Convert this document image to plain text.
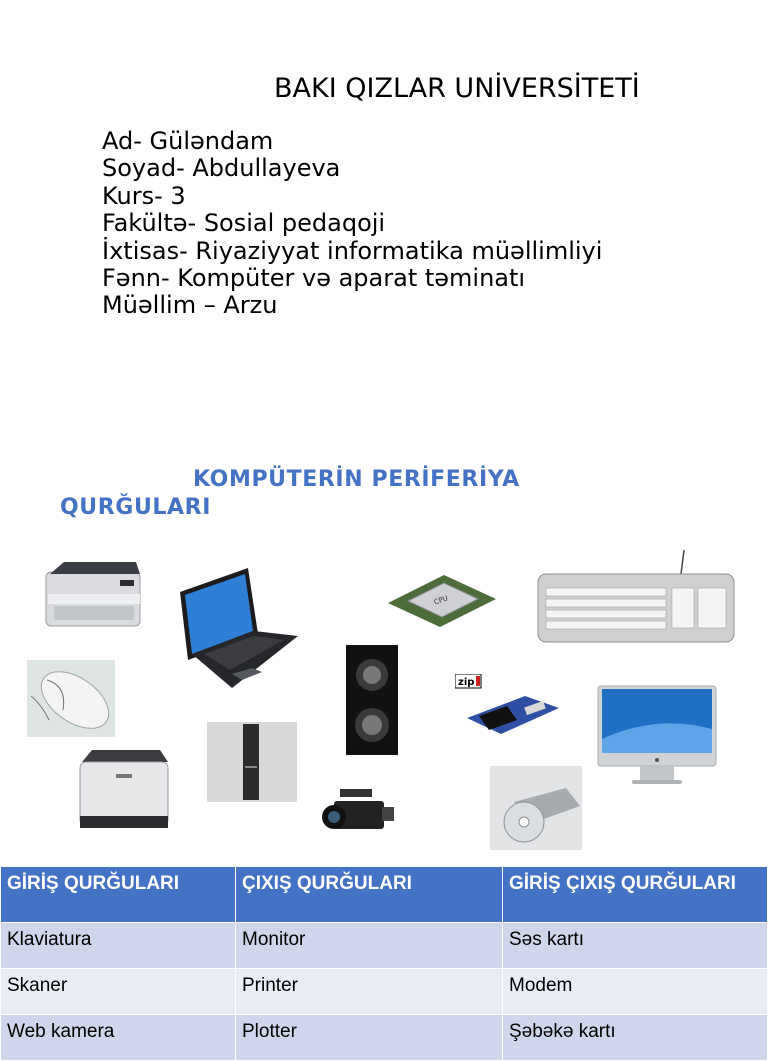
BAKI QIZLAR UNİVERSİTETİ
Ad- Güləndam
Soyad- Abdullayeva
Kurs- 3
Fakültə- Sosial pedaqoji
İxtisas- Riyaziyyat informatika müəllimliyi
Fənn- Kompüter və aparat təminatı
Müəllim – Arzu
KOMPÜTERİN PERİFERİYA
QURĞULARI
CPU
zip
GİRİŞ QURĞULARI	ÇIXIŞ QURĞULARI	GİRİŞ ÇIXIŞ QURĞULARI
Klaviatura	Monitor	Səs kartı
Skaner	Printer	Modem
Web kamera	Plotter	Şəbəkə kartı
